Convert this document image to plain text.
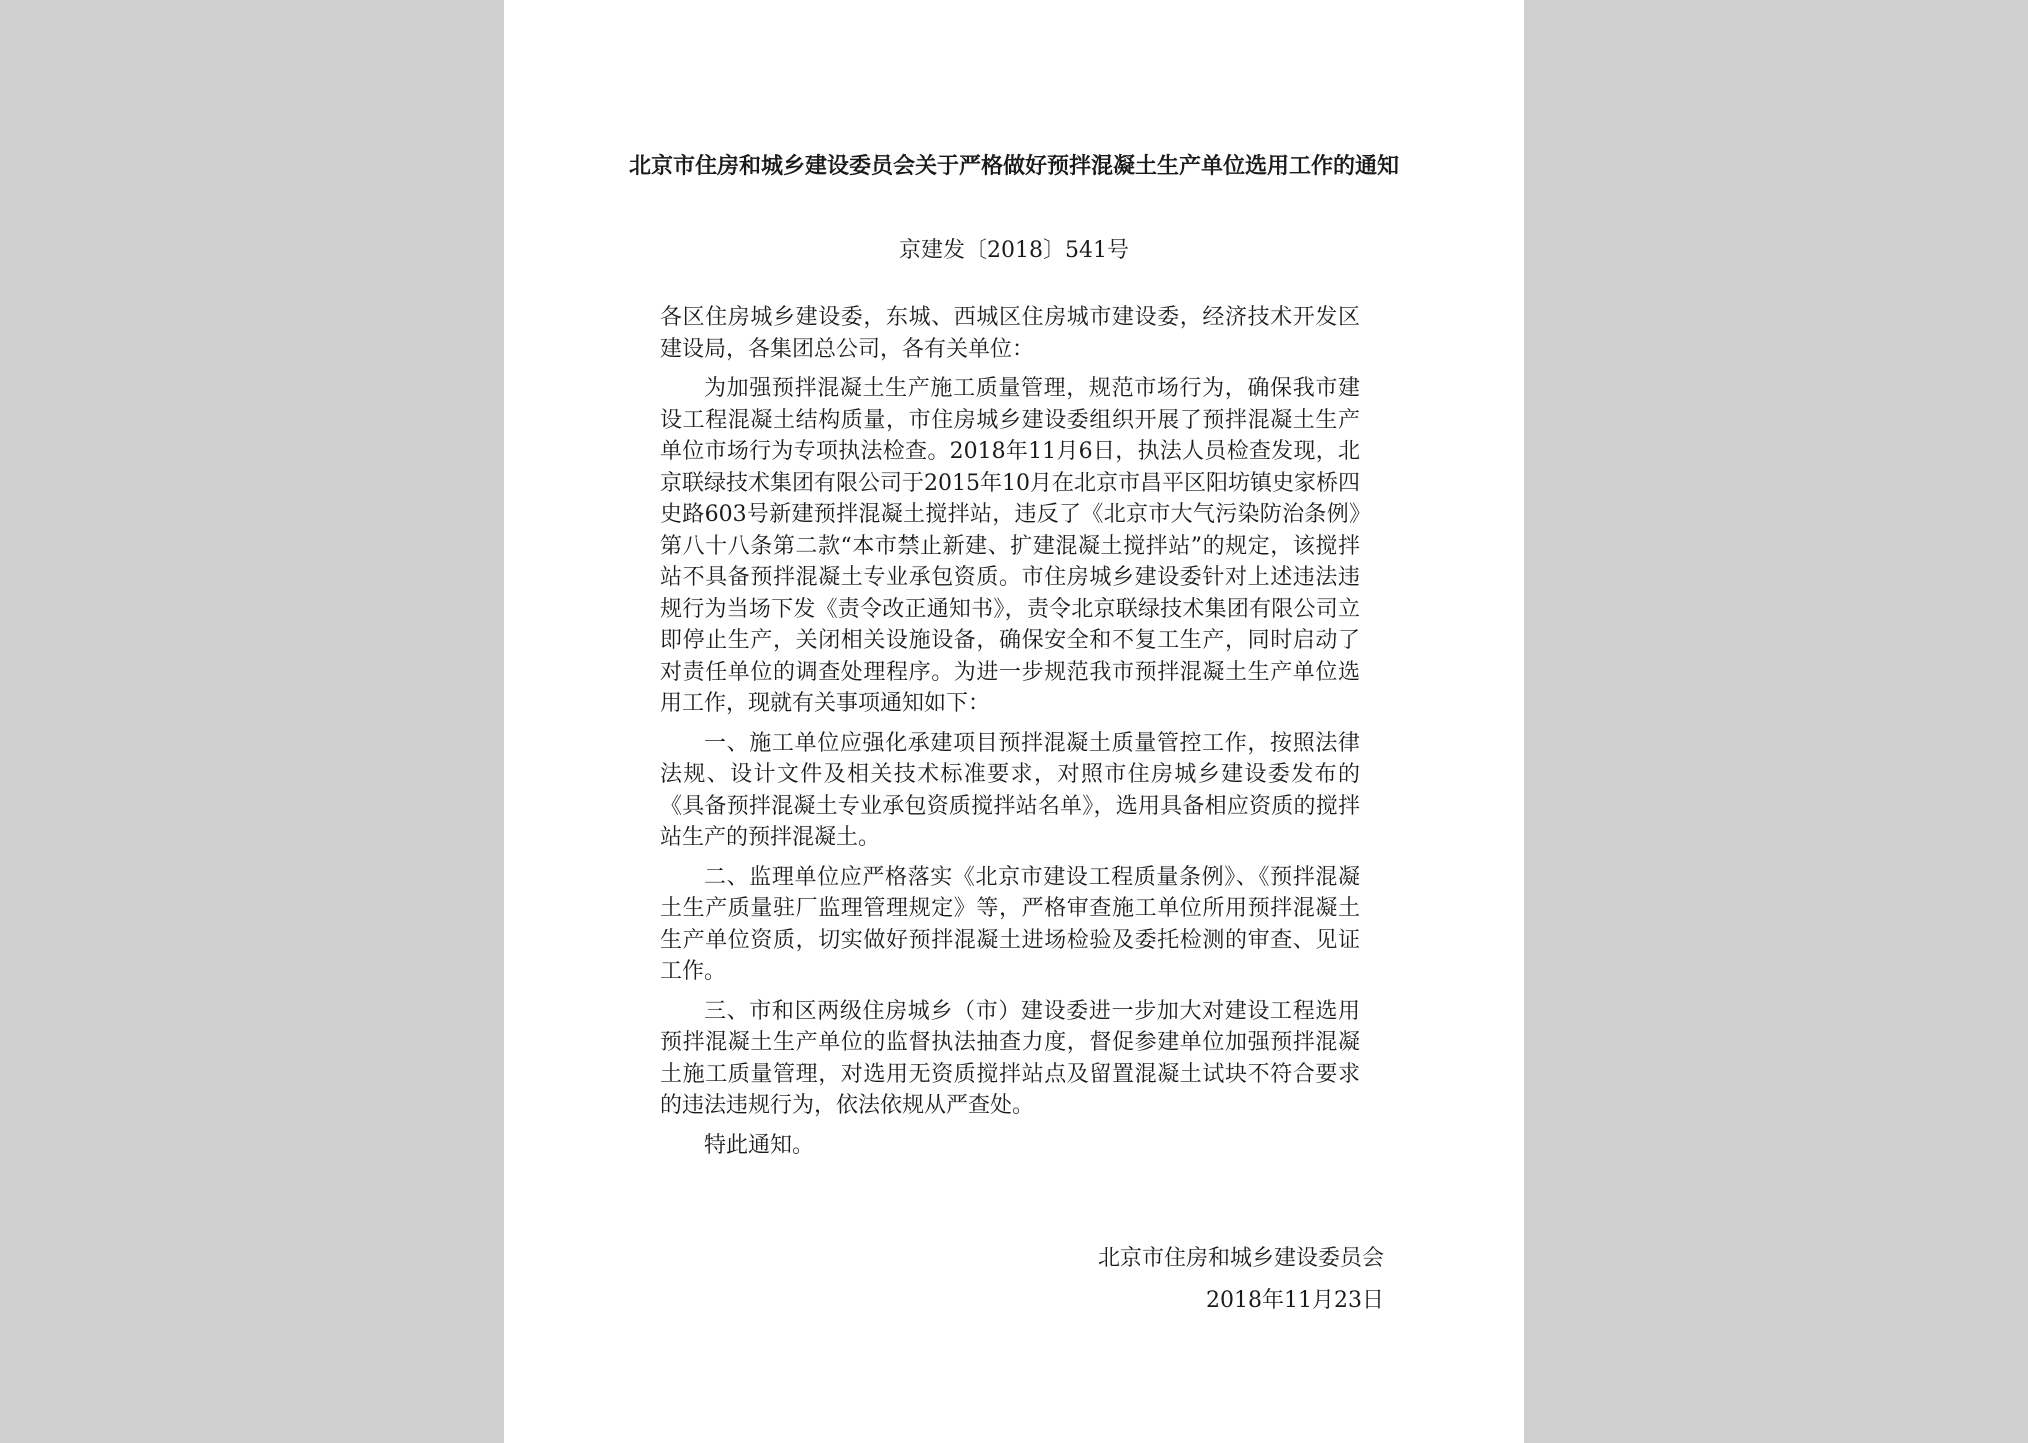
北京市住房和城乡建设委员会关于严格做好预拌混凝土生产单位选用工作的通知
京建发〔2018〕541号

各区住房城乡建设委，东城、西城区住房城市建设委，经济技术开发区建设局，各集团总公司，各有关单位：

为加强预拌混凝土生产施工质量管理，规范市场行为，确保我市建设工程混凝土结构质量，市住房城乡建设委组织开展了预拌混凝土生产单位市场行为专项执法检查。2018年11月6日，执法人员检查发现，北京联绿技术集团有限公司于2015年10月在北京市昌平区阳坊镇史家桥四史路603号新建预拌混凝土搅拌站，违反了《北京市大气污染防治条例》第八十八条第二款“本市禁止新建、扩建混凝土搅拌站”的规定，该搅拌站不具备预拌混凝土专业承包资质。市住房城乡建设委针对上述违法违规行为当场下发《责令改正通知书》，责令北京联绿技术集团有限公司立即停止生产，关闭相关设施设备，确保安全和不复工生产，同时启动了对责任单位的调查处理程序。为进一步规范我市预拌混凝土生产单位选用工作，现就有关事项通知如下：

一、施工单位应强化承建项目预拌混凝土质量管控工作，按照法律法规、设计文件及相关技术标准要求，对照市住房城乡建设委发布的《具备预拌混凝土专业承包资质搅拌站名单》，选用具备相应资质的搅拌站生产的预拌混凝土。

二、监理单位应严格落实《北京市建设工程质量条例》、《预拌混凝土生产质量驻厂监理管理规定》等，严格审查施工单位所用预拌混凝土生产单位资质，切实做好预拌混凝土进场检验及委托检测的审查、见证工作。

三、市和区两级住房城乡（市）建设委进一步加大对建设工程选用预拌混凝土生产单位的监督执法抽查力度，督促参建单位加强预拌混凝土施工质量管理，对选用无资质搅拌站点及留置混凝土试块不符合要求的违法违规行为，依法依规从严查处。

特此通知。

北京市住房和城乡建设委员会
2018年11月23日
